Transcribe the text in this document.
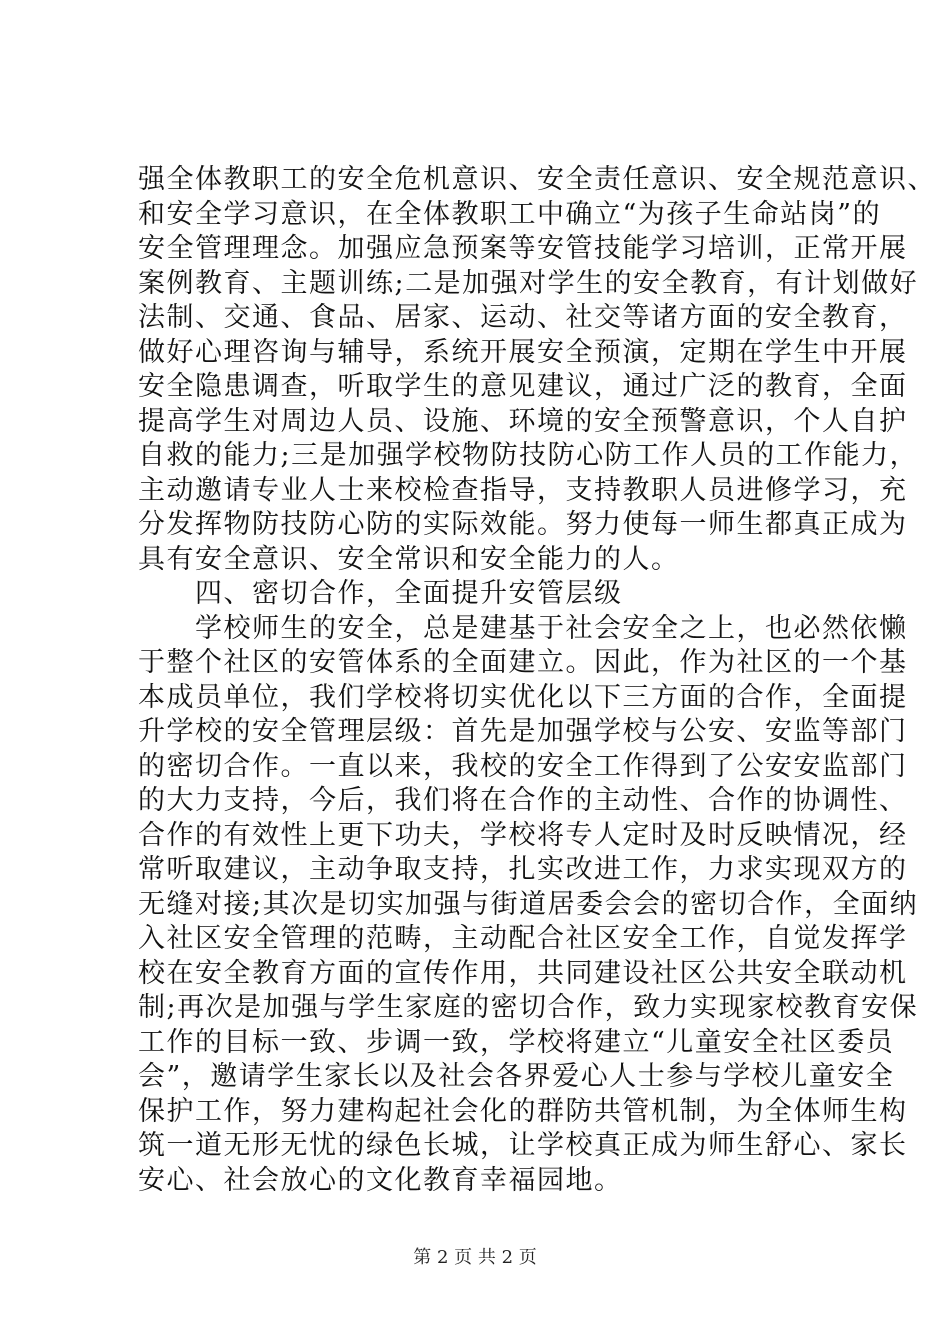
强全体教职工的安全危机意识、安全责任意识、安全规范意识、
和安全学习意识，在全体教职工中确立“为孩子生命站岗”的
安全管理理念。加强应急预案等安管技能学习培训，正常开展
案例教育、主题训练;二是加强对学生的安全教育，有计划做好
法制、交通、食品、居家、运动、社交等诸方面的安全教育，
做好心理咨询与辅导，系统开展安全预演，定期在学生中开展
安全隐患调查，听取学生的意见建议，通过广泛的教育，全面
提高学生对周边人员、设施、环境的安全预警意识，个人自护
自救的能力;三是加强学校物防技防心防工作人员的工作能力，
主动邀请专业人士来校检查指导，支持教职人员进修学习，充
分发挥物防技防心防的实际效能。努力使每一师生都真正成为
具有安全意识、安全常识和安全能力的人。
　　四、密切合作，全面提升安管层级
　　学校师生的安全，总是建基于社会安全之上，也必然依懒
于整个社区的安管体系的全面建立。因此，作为社区的一个基
本成员单位，我们学校将切实优化以下三方面的合作，全面提
升学校的安全管理层级：首先是加强学校与公安、安监等部门
的密切合作。一直以来，我校的安全工作得到了公安安监部门
的大力支持，今后，我们将在合作的主动性、合作的协调性、
合作的有效性上更下功夫，学校将专人定时及时反映情况，经
常听取建议，主动争取支持，扎实改进工作，力求实现双方的
无缝对接;其次是切实加强与街道居委会会的密切合作，全面纳
入社区安全管理的范畴，主动配合社区安全工作，自觉发挥学
校在安全教育方面的宣传作用，共同建设社区公共安全联动机
制;再次是加强与学生家庭的密切合作，致力实现家校教育安保
工作的目标一致、步调一致，学校将建立“儿童安全社区委员
会”，邀请学生家长以及社会各界爱心人士参与学校儿童安全
保护工作，努力建构起社会化的群防共管机制，为全体师生构
筑一道无形无忧的绿色长城，让学校真正成为师生舒心、家长
安心、社会放心的文化教育幸福园地。
第 2 页 共 2 页
